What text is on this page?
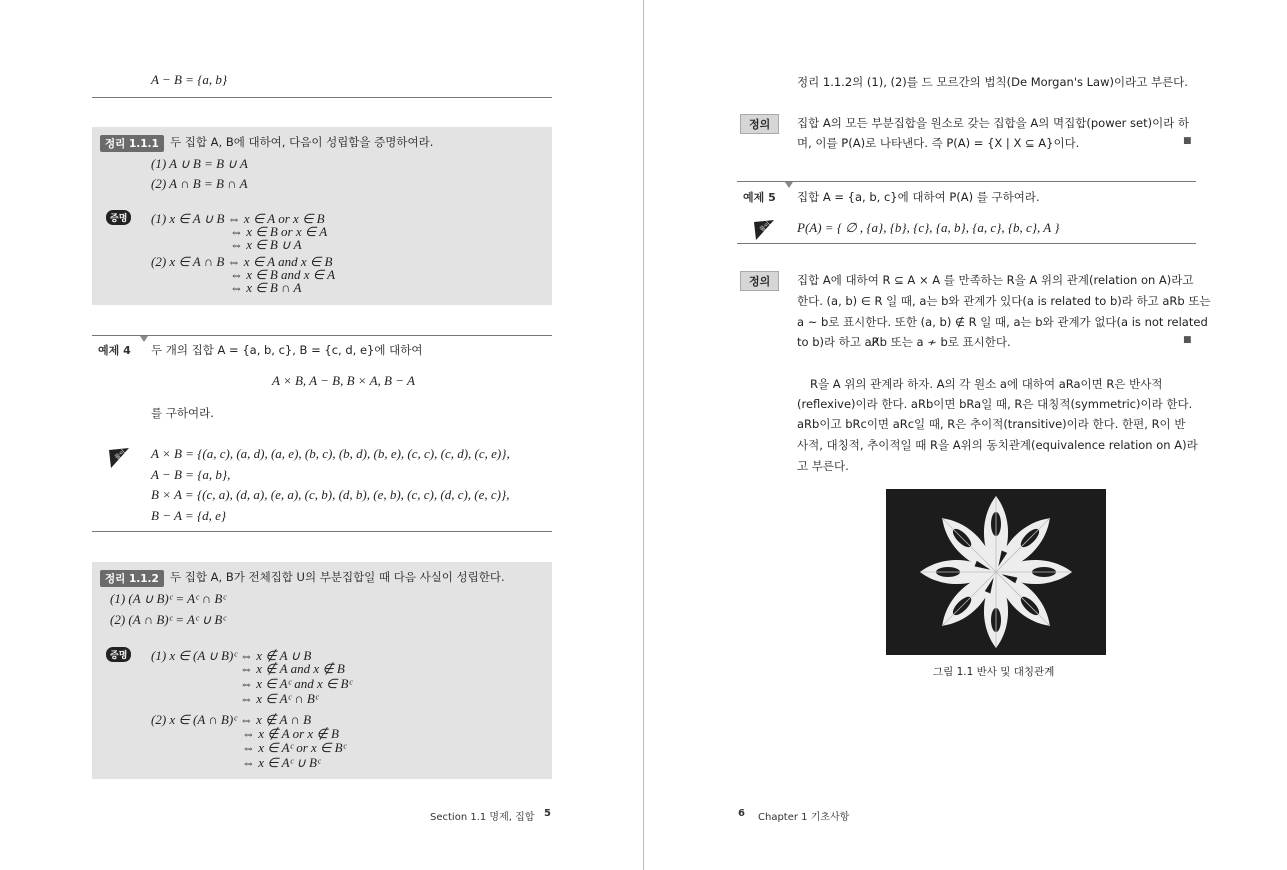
A − B = {a, b}
정리 1.1.1 두 집합 A, B에 대하여, 다음이 성립함을 증명하여라.
(1) A ∪ B = B ∪ A
(2) A ∩ B = B ∩ A
증명	(1) x ∈ A ∪ B ⇔ x ∈ A or x ∈ B
⇔ x ∈ B or x ∈ A
⇔ x ∈ B ∪ A
(2) x ∈ A ∩ B ⇔ x ∈ A and x ∈ B
⇔ x ∈ B and x ∈ A
⇔ x ∈ B ∩ A
예제 4 두 개의 집합 A = {a, b, c}, B = {c, d, e}에 대하여
A × B, A − B, B × A, B − A
를 구하여라.
풀이 A × B = {(a, c), (a, d), (a, e), (b, c), (b, d), (b, e), (c, c), (c, d), (c, e)},
A − B = {a, b},
B × A = {(c, a), (d, a), (e, a), (c, b), (d, b), (e, b), (c, c), (d, c), (e, c)},
B − A = {d, e}
정리 1.1.2 두 집합 A, B가 전체집합 U의 부분집합일 때 다음 사실이 성립한다.
(1) (A ∪ B)ᶜ = Aᶜ ∩ Bᶜ
(2) (A ∩ B)ᶜ = Aᶜ ∪ Bᶜ
증명	(1) x ∈ (A ∪ B)ᶜ ⇔ x ∉ A ∪ B
⇔ x ∉ A and x ∉ B
⇔ x ∈ Aᶜ and x ∈ Bᶜ
⇔ x ∈ Aᶜ ∩ Bᶜ
(2) x ∈ (A ∩ B)ᶜ ⇔ x ∉ A ∩ B
⇔ x ∉ A or x ∉ B
⇔ x ∈ Aᶜ or x ∈ Bᶜ
⇔ x ∈ Aᶜ ∪ Bᶜ
Section 1.1 명제, 집합 5
정리 1.1.2의 (1), (2)를 드 모르간의 법칙(De Morgan's Law)이라고 부른다.
정의	집합 A의 모든 부분집합을 원소로 갖는 집합을 A의 멱집합(power set)이라 하
며, 이를 P(A)로 나타낸다. 즉 P(A) = {X | X ⊆ A}이다.	■
예제 5 집합 A = {a, b, c}에 대하여 P(A) 를 구하여라.
풀이 P(A) = { ∅ , {a}, {b}, {c}, {a, b}, {a, c}, {b, c}, A }
정의	집합 A에 대하여 R ⊆ A × A 를 만족하는 R을 A 위의 관계(relation on A)라고
한다. (a, b) ∈ R 일 때, a는 b와 관계가 있다(a is related to b)라 하고 aRb 또는
a ~ b로 표시한다. 또한 (a, b) ∉ R 일 때, a는 b와 관계가 없다(a is not related
to b)라 하고 aR̸b 또는 a ≁ b로 표시한다.	■
R을 A 위의 관계라 하자. A의 각 원소 a에 대하여 aRa이면 R은 반사적
(reflexive)이라 한다. aRb이면 bRa일 때, R은 대칭적(symmetric)이라 한다.
aRb이고 bRc이면 aRc일 때, R은 추이적(transitive)이라 한다. 한편, R이 반
사적, 대칭적, 추이적일 때 R을 A위의 동치관계(equivalence relation on A)라
고 부른다.
그림 1.1 반사 및 대칭관계
6 Chapter 1 기초사항
